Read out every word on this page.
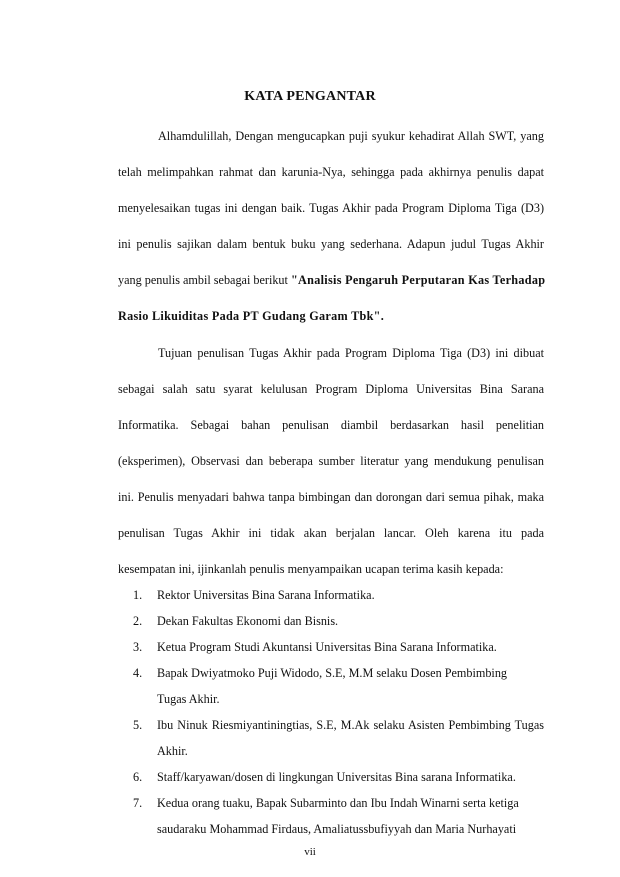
KATA PENGANTAR
Alhamdulillah, Dengan mengucapkan puji syukur kehadirat Allah SWT, yang
telah melimpahkan rahmat dan karunia-Nya, sehingga pada akhirnya penulis dapat
menyelesaikan tugas ini dengan baik. Tugas Akhir pada Program Diploma Tiga (D3)
ini penulis sajikan dalam bentuk buku yang sederhana. Adapun judul Tugas Akhir
yang penulis ambil sebagai berikut "Analisis Pengaruh Perputaran Kas Terhadap
Rasio Likuiditas Pada PT Gudang Garam Tbk".
Tujuan penulisan Tugas Akhir pada Program Diploma Tiga (D3) ini dibuat
sebagai salah satu syarat kelulusan Program Diploma Universitas Bina Sarana
Informatika. Sebagai bahan penulisan diambil berdasarkan hasil penelitian
(eksperimen), Observasi dan beberapa sumber literatur yang mendukung penulisan
ini. Penulis menyadari bahwa tanpa bimbingan dan dorongan dari semua pihak, maka
penulisan Tugas Akhir ini tidak akan berjalan lancar. Oleh karena itu pada
kesempatan ini, ijinkanlah penulis menyampaikan ucapan terima kasih kepada:
1. Rektor Universitas Bina Sarana Informatika.
2. Dekan Fakultas Ekonomi dan Bisnis.
3. Ketua Program Studi Akuntansi Universitas Bina Sarana Informatika.
4. Bapak Dwiyatmoko Puji Widodo, S.E, M.M selaku Dosen Pembimbing
Tugas Akhir.
5. Ibu Ninuk Riesmiyantiningtias, S.E, M.Ak selaku Asisten Pembimbing Tugas
Akhir.
6. Staff/karyawan/dosen di lingkungan Universitas Bina sarana Informatika.
7. Kedua orang tuaku, Bapak Subarminto dan Ibu Indah Winarni serta ketiga
saudaraku Mohammad Firdaus, Amaliatussbufiyyah dan Maria Nurhayati
vii
